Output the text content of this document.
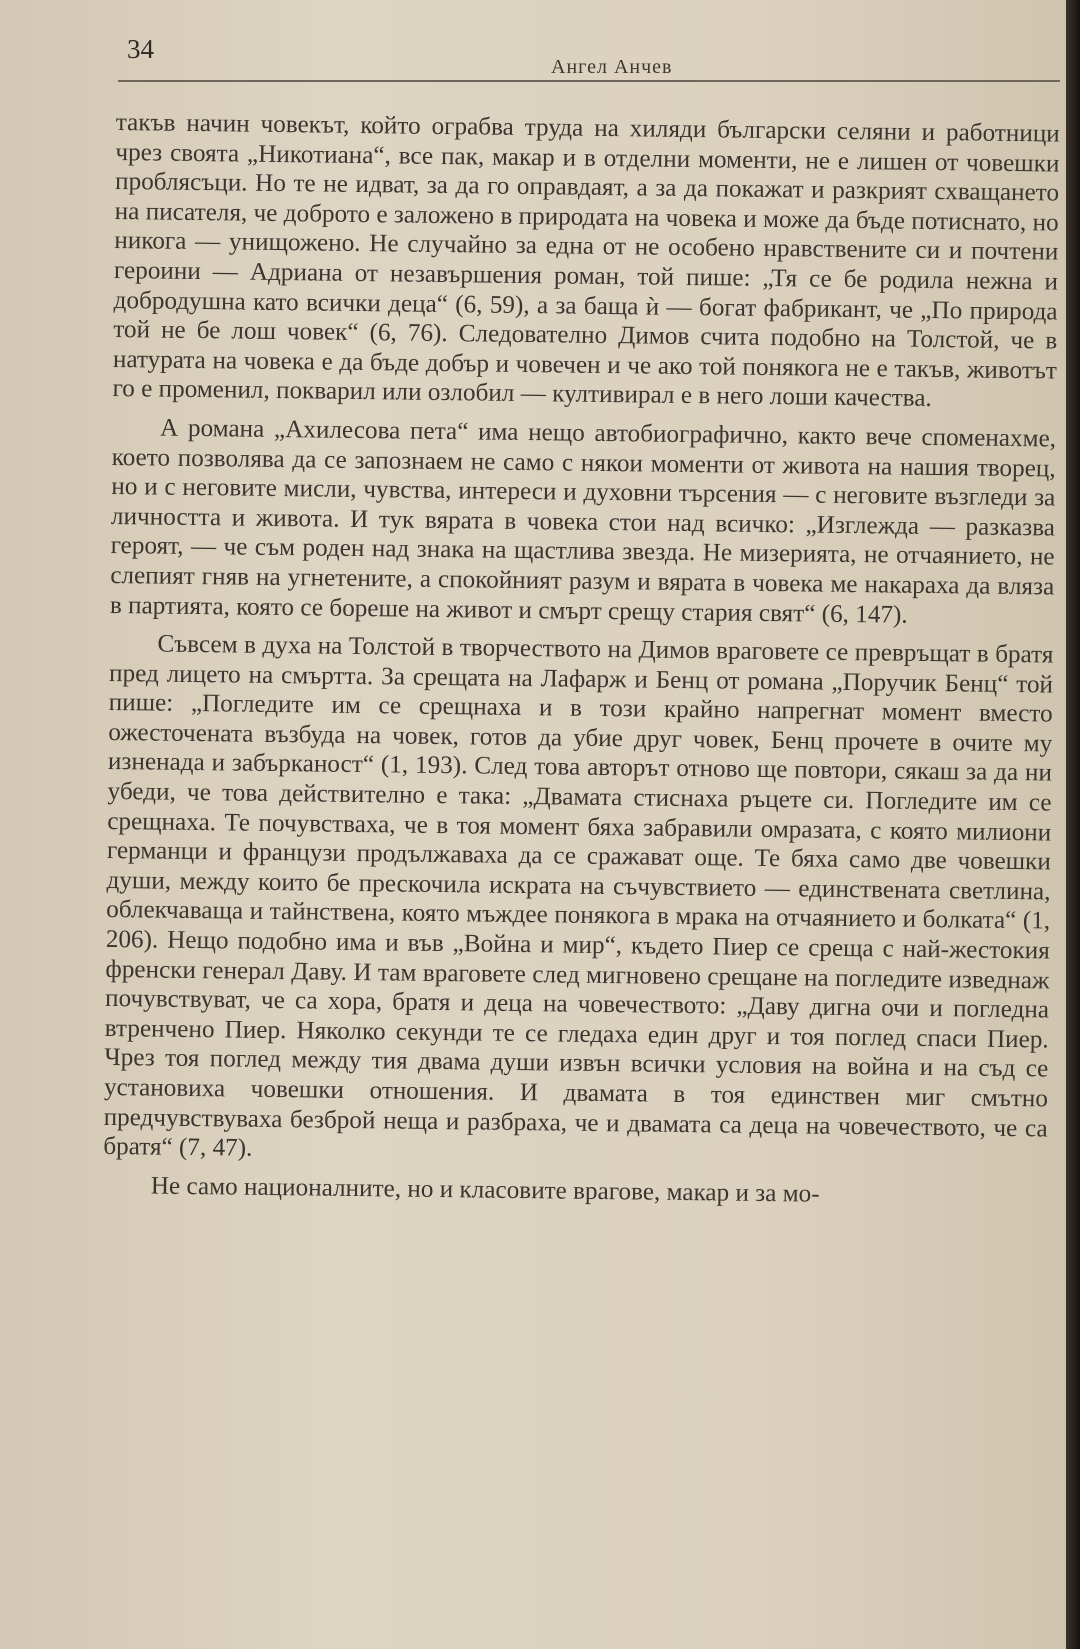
34
Ангел Анчев

такъв начин човекът, който ограбва труда на хиляди български селяни и работници чрез своята „Никотиана“, все пак, макар и в отделни моменти, не е лишен от човешки проблясъци. Но те не идват, за да го оправдаят, а за да покажат и разкрият схващането на писателя, че доброто е заложено в природата на човека и може да бъде потиснато, но никога — унищожено. Не случайно за една от не особено нравствените си и почтени героини — Адриана от незавършения роман, той пише: „Тя се бе родила нежна и добродушна като всички деца“ (6, 59), а за баща ѝ — богат фабрикант, че „По природа той не бе лош човек“ (6, 76). Следователно Димов счита подобно на Толстой, че в натурата на човека е да бъде добър и човечен и че ако той понякога не е такъв, животът го е променил, покварил или озлобил — култивирал е в него лоши качества.

А романа „Ахилесова пета“ има нещо автобиографично, както вече споменахме, което позволява да се запознаем не само с някои моменти от живота на нашия творец, но и с неговите мисли, чувства, интереси и духовни търсения — с неговите възгледи за личността и живота. И тук вярата в човека стои над всичко: „Изглежда — разказва героят, — че съм роден над знака на щастлива звезда. Не мизерията, не отчаянието, не слепият гняв на угнетените, а спокойният разум и вярата в човека ме накараха да вляза в партията, която се бореше на живот и смърт срещу стария свят“ (6, 147).

Съвсем в духа на Толстой в творчеството на Димов враговете се превръщат в братя пред лицето на смъртта. За срещата на Лафарж и Бенц от романа „Поручик Бенц“ той пише: „Погледите им се срещнаха и в този крайно напрегнат момент вместо ожесточената възбуда на човек, готов да убие друг човек, Бенц прочете в очите му изненада и забърканост“ (1, 193). След това авторът отново ще повтори, сякаш за да ни убеди, че това действително е така: „Двамата стиснаха ръцете си. Погледите им се срещнаха. Те почувстваха, че в тоя момент бяха забравили омразата, с която милиони германци и французи продължаваха да се сражават още. Те бяха само две човешки души, между които бе прескочила искрата на съчувствието — единствената светлина, облекчаваща и тайнствена, която мъждее понякога в мрака на отчаянието и болката“ (1, 206). Нещо подобно има и във „Война и мир“, където Пиер се среща с най-жестокия френски генерал Даву. И там враговете след мигновено срещане на погледите изведнаж почувствуват, че са хора, братя и деца на човечеството: „Даву дигна очи и погледна втренчено Пиер. Няколко секунди те се гледаха един друг и тоя поглед спаси Пиер. Чрез тоя поглед между тия двама души извън всички условия на война и на съд се установиха човешки отношения. И двамата в тоя единствен миг смътно предчувствуваха безброй неща и разбраха, че и двамата са деца на човечеството, че са братя“ (7, 47).

Не само националните, но и класовите врагове, макар и за мо-
